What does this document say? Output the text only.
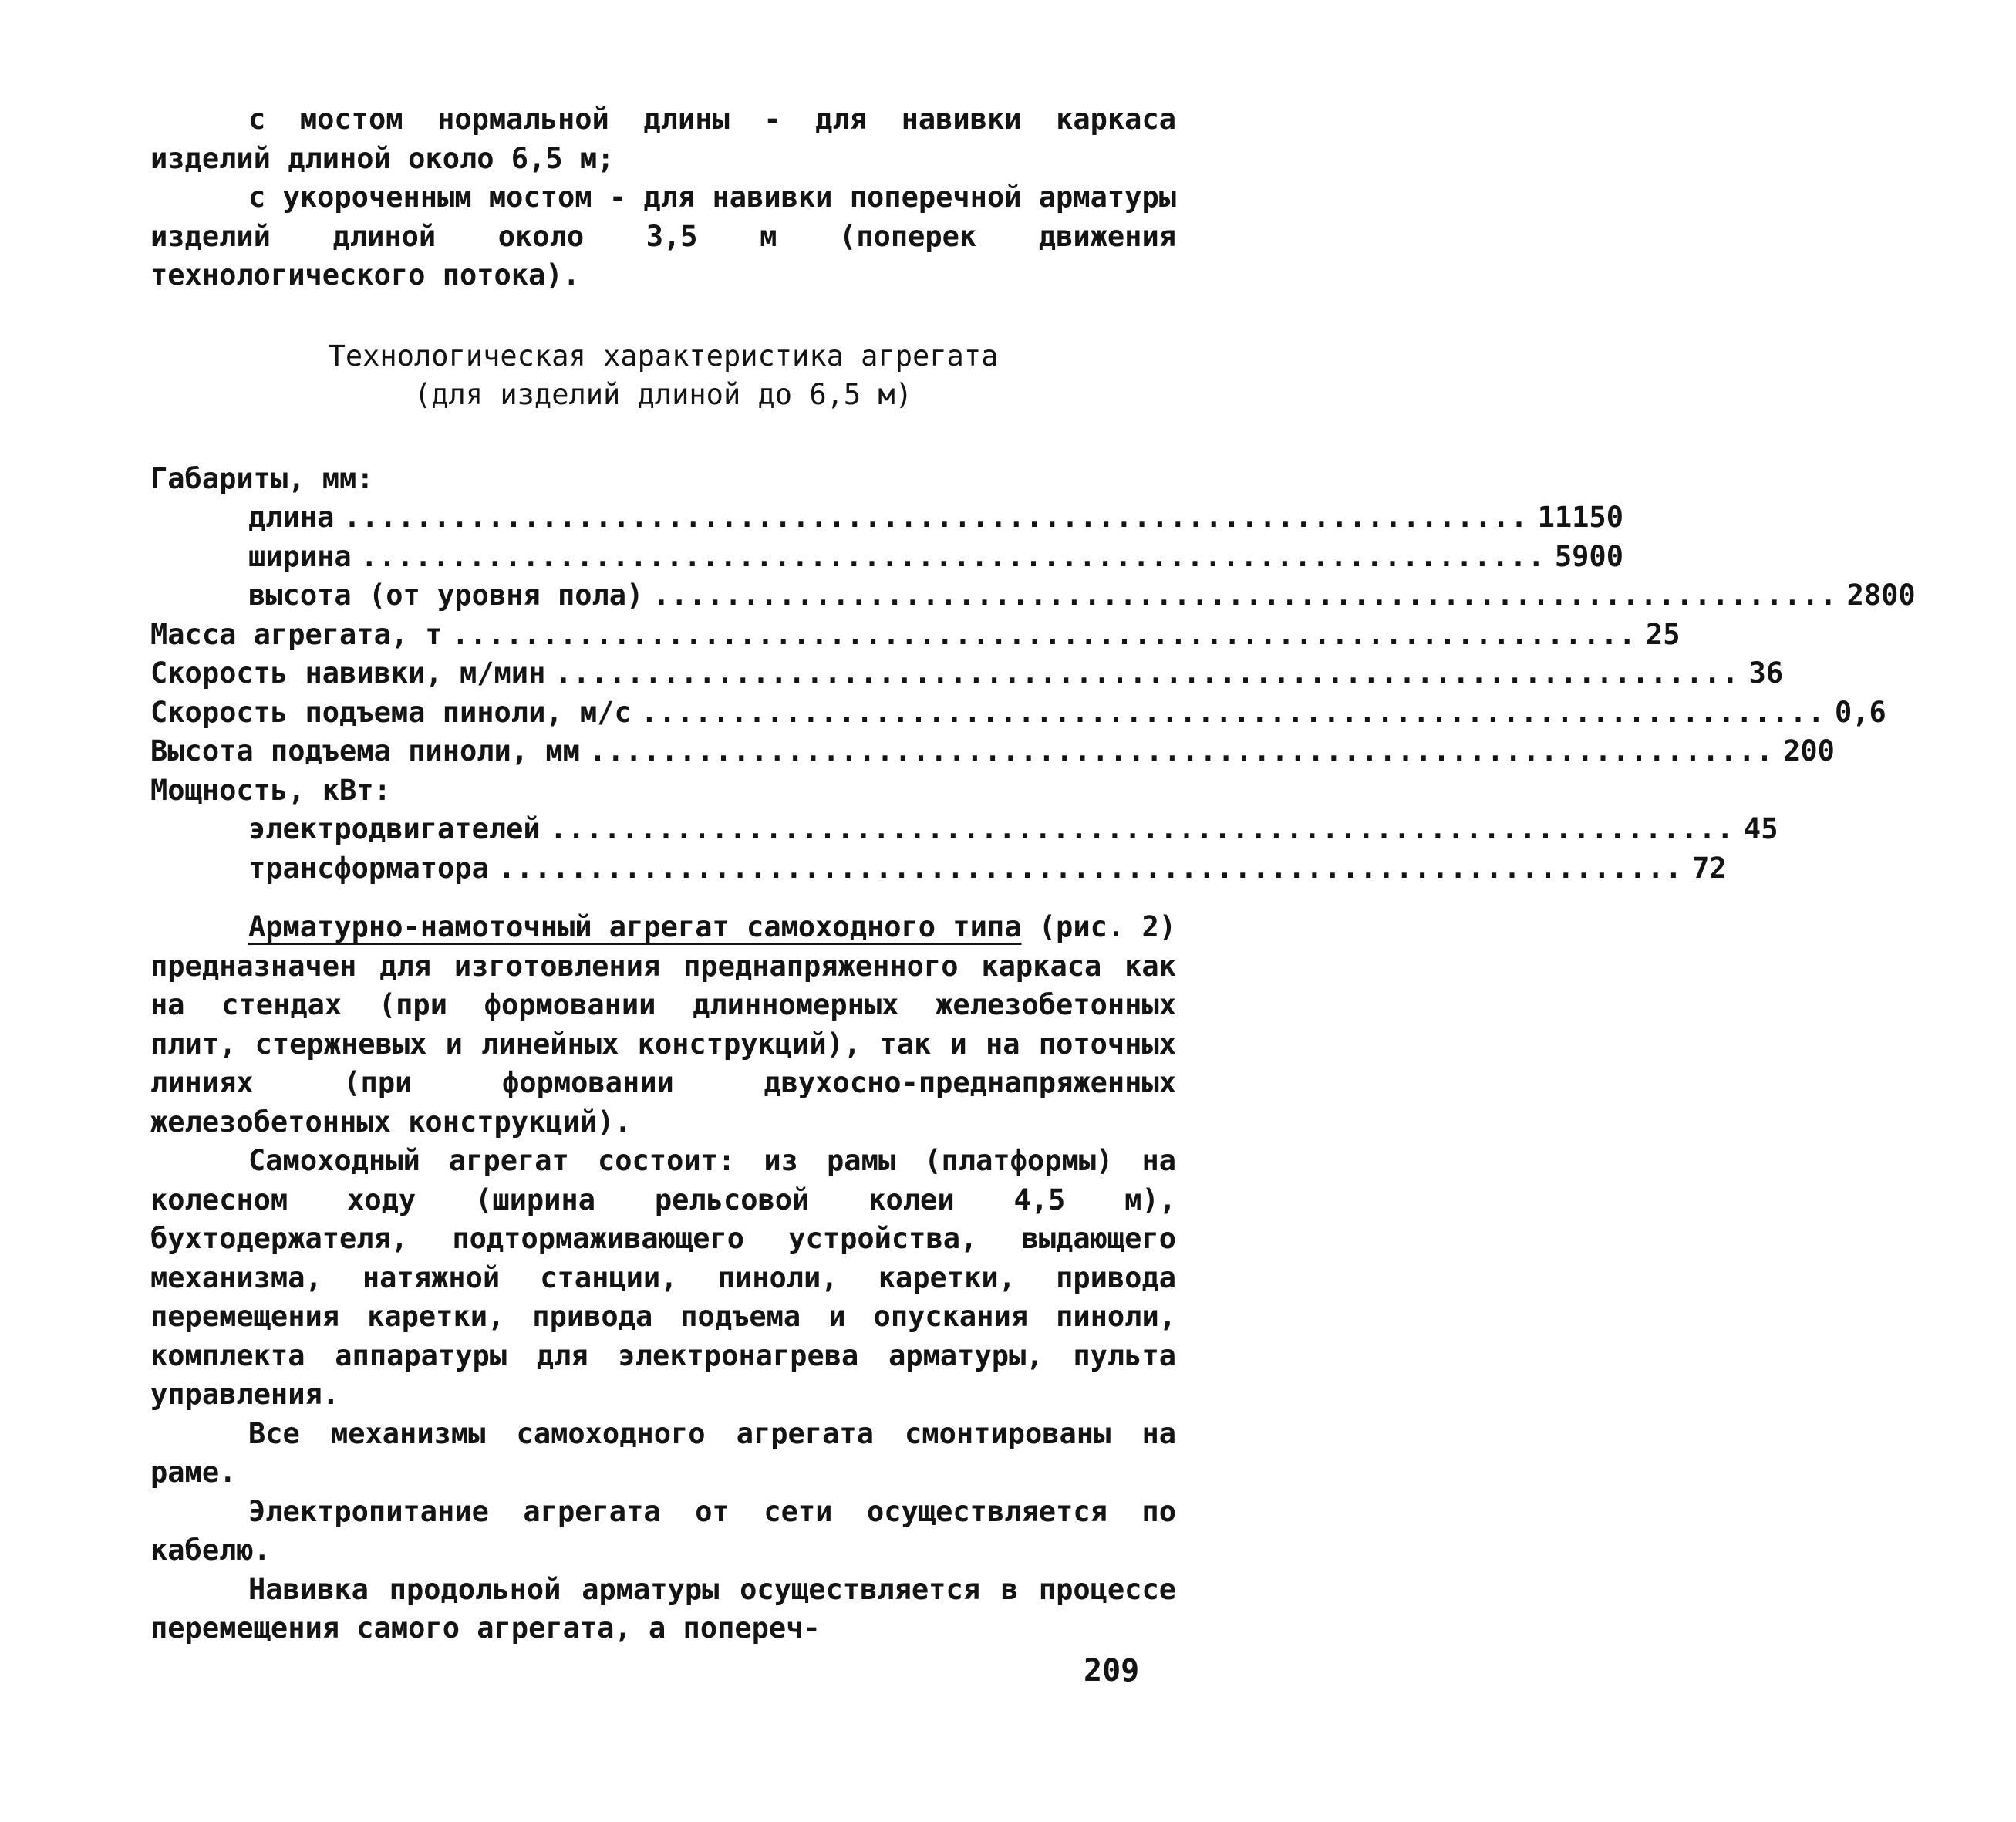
с мостом нормальной длины - для навивки каркаса изделий длиной около 6,5 м;

с укороченным мостом - для навивки поперечной арматуры изделий длиной около 3,5 м (поперек движения технологического потока).

Технологическая характеристика агрегата

(для изделий длиной до 6,5 м)

Габариты, мм:
длина .................................................................. 11150
ширина .................................................................. 5900
высота (от уровня пола) .................................................................. 2800
Масса агрегата, т .................................................................. 25
Скорость навивки, м/мин .................................................................. 36
Скорость подъема пиноли, м/с .................................................................. 0,6
Высота подъема пиноли, мм .................................................................. 200
Мощность, кВт:
электродвигателей .................................................................. 45
трансформатора .................................................................. 72

Арматурно-намоточный агрегат самоходного типа (рис. 2) предназначен для изготовления преднапряженного каркаса как на стендах (при формовании длинномерных железобетонных плит, стержневых и линейных конструкций), так и на поточных линиях (при формовании двухосно-преднапряженных железобетонных конструкций).

Самоходный агрегат состоит: из рамы (платформы) на колесном ходу (ширина рельсовой колеи 4,5 м), бухтодержателя, подтормаживающего устройства, выдающего механизма, натяжной станции, пиноли, каретки, привода перемещения каретки, привода подъема и опускания пиноли, комплекта аппаратуры для электронагрева арматуры, пульта управления.

Все механизмы самоходного агрегата смонтированы на раме.

Электропитание агрегата от сети осуществляется по кабелю.

Навивка продольной арматуры осуществляется в процессе перемещения самого агрегата, а попереч-

209
